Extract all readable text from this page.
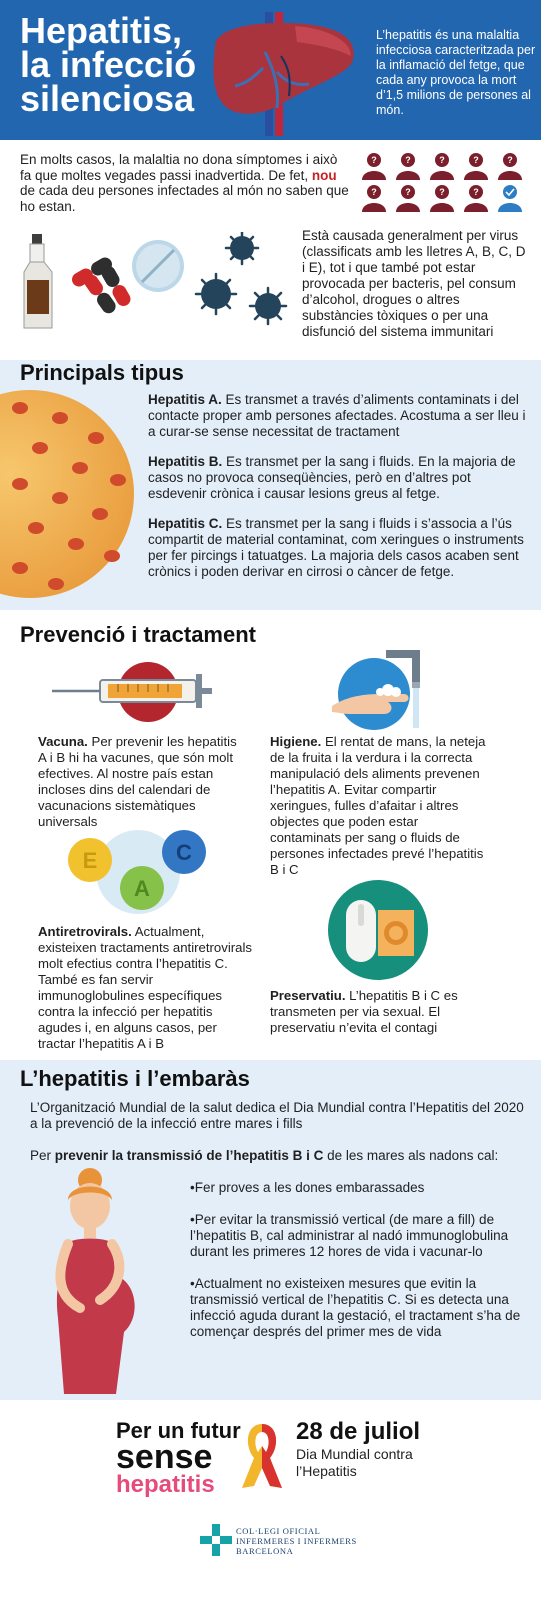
Hepatitis,
la infecció
silenciosa
L’hepatitis és una malaltia infecciosa caracteritzada per la inflamació del fetge, que cada any provoca la mort d’1,5 milions de persones al món.
En molts casos, la malaltia no dona símptomes i això fa que moltes vegades passi inadvertida. De fet, nou de cada deu persones infectades al món no saben que ho estan.
?	?	?	?	?
?	?	?	?
Està causada generalment per virus (classificats amb les lletres A, B, C, D i E), tot i que també pot estar provocada per bacteris, pel consum d’alcohol, drogues o altres substàncies tòxiques o per una disfunció del sistema immunitari
Principals tipus

Hepatitis A. Es transmet a través d’aliments contaminats i del contacte proper amb persones afectades. Acostuma a ser lleu i a curar-se sense necessitat de tractament

Hepatitis B. Es transmet per la sang i fluids. En la majoria de casos no provoca conseqüències, però en d’altres pot esdevenir crònica i causar lesions greus al fetge.

Hepatitis C. Es transmet per la sang i fluids i s’associa a l’ús compartit de material contaminat, com xeringues o instruments per fer pircings i tatuatges. La majoria dels casos acaben sent crònics i poden derivar en cirrosi o càncer de fetge.

Prevenció i tractament
Vacuna. Per prevenir les hepatitis A i B hi ha vacunes, que són molt efectives. Al nostre país estan incloses dins del calendari de vacunacions sistemàtiques universals
Higiene. El rentat de mans, la neteja de la fruita i la verdura i la correcta manipulació dels aliments prevenen l’hepatitis A. Evitar compartir xeringues, fulles d’afaitar i altres objectes que poden estar contaminats per sang o fluids de persones infectades prevé l’hepatitis B i C
E
A
C
Antiretrovirals. Actualment, existeixen tractaments antiretrovirals molt efectius contra l’hepatitis C. També es fan servir immunoglobulines específiques contra la infecció per hepatitis agudes i, en alguns casos, per tractar l’hepatitis A i B
Preservatiu. L’hepatitis B i C es transmeten per via sexual. El preservatiu n’evita el contagi
L’hepatitis i l’embaràs
L’Organització Mundial de la salut dedica el Dia Mundial contra l’Hepatitis del 2020 a la prevenció de la infecció entre mares i fills
Per prevenir la transmissió de l’hepatitis B i C de les mares als nadons cal:
•Fer proves a les dones embarassades
•Per evitar la transmissió vertical (de mare a fill) de l’hepatitis B, cal administrar al nadó immunoglobulina durant les primeres 12 hores de vida i vacunar-lo
•Actualment no existeixen mesures que evitin la transmissió vertical de l’hepatitis C. Si es detecta una infecció aguda durant la gestació, el tractament s’ha de començar després del primer mes de vida
Per un futur
sense
hepatitis
28 de juliol
Dia Mundial contra l’Hepatitis
COL·LEGI OFICIAL
INFERMERES I INFERMERS
BARCELONA
